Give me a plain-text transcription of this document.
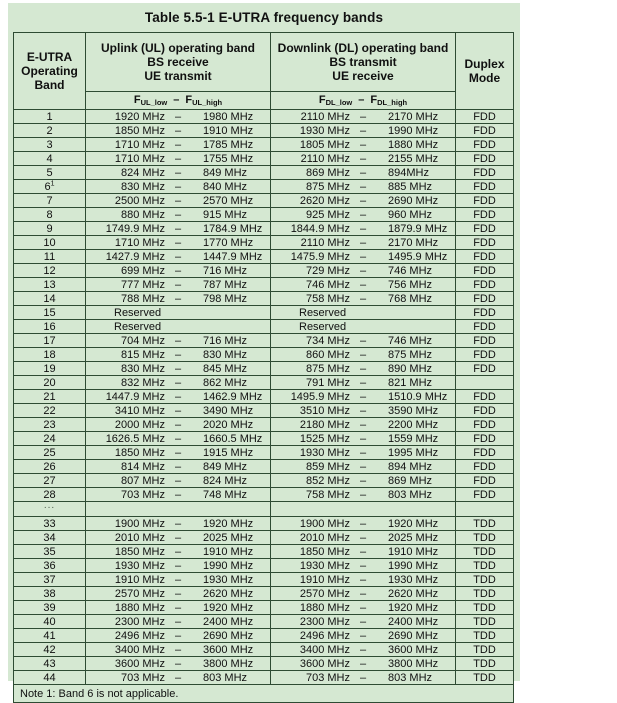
Table 5.5-1 E-UTRA frequency bands
E-UTRA
Operating
Band

Uplink (UL) operating band
BS receive
UE transmit

Downlink (DL) operating band
BS transmit
UE receive

Duplex
Mode

	$F_{UL\_low} - F_{UL\_high}$	$F_{DL\_low} - F_{DL\_high}$
1	1920 MHz – 1980 MHz	2110 MHz – 2170 MHz	FDD
2	1850 MHz – 1910 MHz	1930 MHz – 1990 MHz	FDD
3	1710 MHz – 1785 MHz	1805 MHz – 1880 MHz	FDD
4	1710 MHz – 1755 MHz	2110 MHz – 2155 MHz	FDD
5	824 MHz – 849 MHz	869 MHz – 894MHz	FDD
$6^1$	830 MHz – 840 MHz	875 MHz – 885 MHz	FDD
7	2500 MHz – 2570 MHz	2620 MHz – 2690 MHz	FDD
8	880 MHz – 915 MHz	925 MHz – 960 MHz	FDD
9	1749.9 MHz – 1784.9 MHz	1844.9 MHz – 1879.9 MHz	FDD
10	1710 MHz – 1770 MHz	2110 MHz – 2170 MHz	FDD
11	1427.9 MHz – 1447.9 MHz	1475.9 MHz – 1495.9 MHz	FDD
12	699 MHz – 716 MHz	729 MHz – 746 MHz	FDD
13	777 MHz – 787 MHz	746 MHz – 756 MHz	FDD
14	788 MHz – 798 MHz	758 MHz – 768 MHz	FDD
15	Reserved	Reserved	FDD
16	Reserved	Reserved	FDD
17	704 MHz – 716 MHz	734 MHz – 746 MHz	FDD
18	815 MHz – 830 MHz	860 MHz – 875 MHz	FDD
19	830 MHz – 845 MHz	875 MHz – 890 MHz	FDD
20	832 MHz – 862 MHz	791 MHz – 821 MHz	

21	1447.9 MHz – 1462.9 MHz	1495.9 MHz – 1510.9 MHz	FDD
22	3410 MHz – 3490 MHz	3510 MHz – 3590 MHz	FDD
23	2000 MHz – 2020 MHz	2180 MHz – 2200 MHz	FDD
24	1626.5 MHz – 1660.5 MHz	1525 MHz – 1559 MHz	FDD
25	1850 MHz – 1915 MHz	1930 MHz – 1995 MHz	FDD
26	814 MHz – 849 MHz	859 MHz – 894 MHz	FDD
27	807 MHz – 824 MHz	852 MHz – 869 MHz	FDD
28	703 MHz – 748 MHz	758 MHz – 803 MHz	FDD
...			
33	1900 MHz – 1920 MHz	1900 MHz – 1920 MHz	TDD
34	2010 MHz – 2025 MHz	2010 MHz – 2025 MHz	TDD
35	1850 MHz – 1910 MHz	1850 MHz – 1910 MHz	TDD
36	1930 MHz – 1990 MHz	1930 MHz – 1990 MHz	TDD
37	1910 MHz – 1930 MHz	1910 MHz – 1930 MHz	TDD
38	2570 MHz – 2620 MHz	2570 MHz – 2620 MHz	TDD
39	1880 MHz – 1920 MHz	1880 MHz – 1920 MHz	TDD
40	2300 MHz – 2400 MHz	2300 MHz – 2400 MHz	TDD
41	2496 MHz – 2690 MHz	2496 MHz – 2690 MHz	TDD
42	3400 MHz – 3600 MHz	3400 MHz – 3600 MHz	TDD
43	3600 MHz – 3800 MHz	3600 MHz – 3800 MHz	TDD
44	703 MHz – 803 MHz	703 MHz – 803 MHz	TDD
Note 1: Band 6 is not applicable.			
百家号
